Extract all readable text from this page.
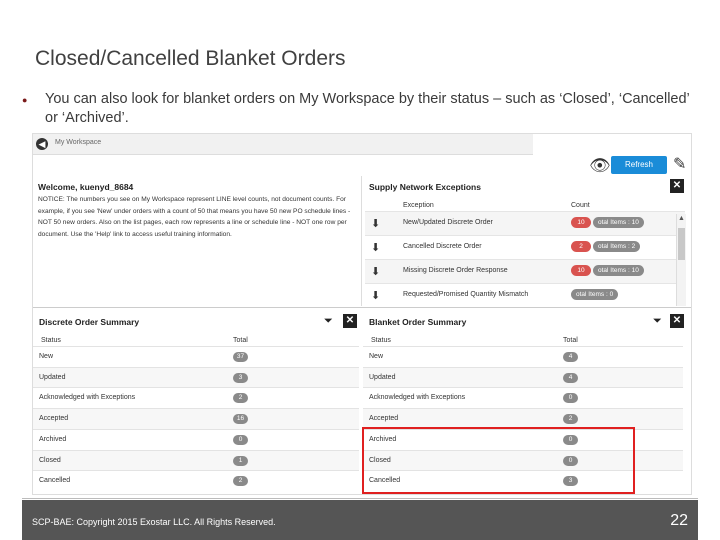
Closed/Cancelled Blanket Orders
● You can also look for blanket orders on My Workspace by their status – such as ‘Closed’, ‘Cancelled’ or ‘Archived’.
◀	My Workspace
👁	Refresh	✎
Welcome, kuenyd_8684
NOTICE: The numbers you see on My Workspace represent LINE level counts, not document counts. For example, if you see 'New' under orders with a count of 50 that means you have 50 new PO schedule lines - NOT 50 new orders. Also on the list pages, each row represents a line or schedule line - NOT one row per document. Use the 'Help' link to access useful training information.
Supply Network Exceptions	✕
Exception	Count
⬇	New/Updated Discrete Order	10	otal Items : 10
⬇	Cancelled Discrete Order	2	otal Items : 2
⬇	Missing Discrete Order Response	10	otal Items : 10
⬇	Requested/Promised Quantity Mismatch	otal Items : 0
▲
Discrete Order Summary	⏷ ✕
Status	Total
New	37
Updated	3
Acknowledged with Exceptions	2
Accepted	16
Archived	0
Closed	1
Cancelled	2
Blanket Order Summary	⏷ ✕
Status	Total
New	4
Updated	4
Acknowledged with Exceptions	0
Accepted	2
Archived	0
Closed	0
Cancelled	3
SCP-BAE: Copyright 2015 Exostar LLC. All Rights Reserved.	22
